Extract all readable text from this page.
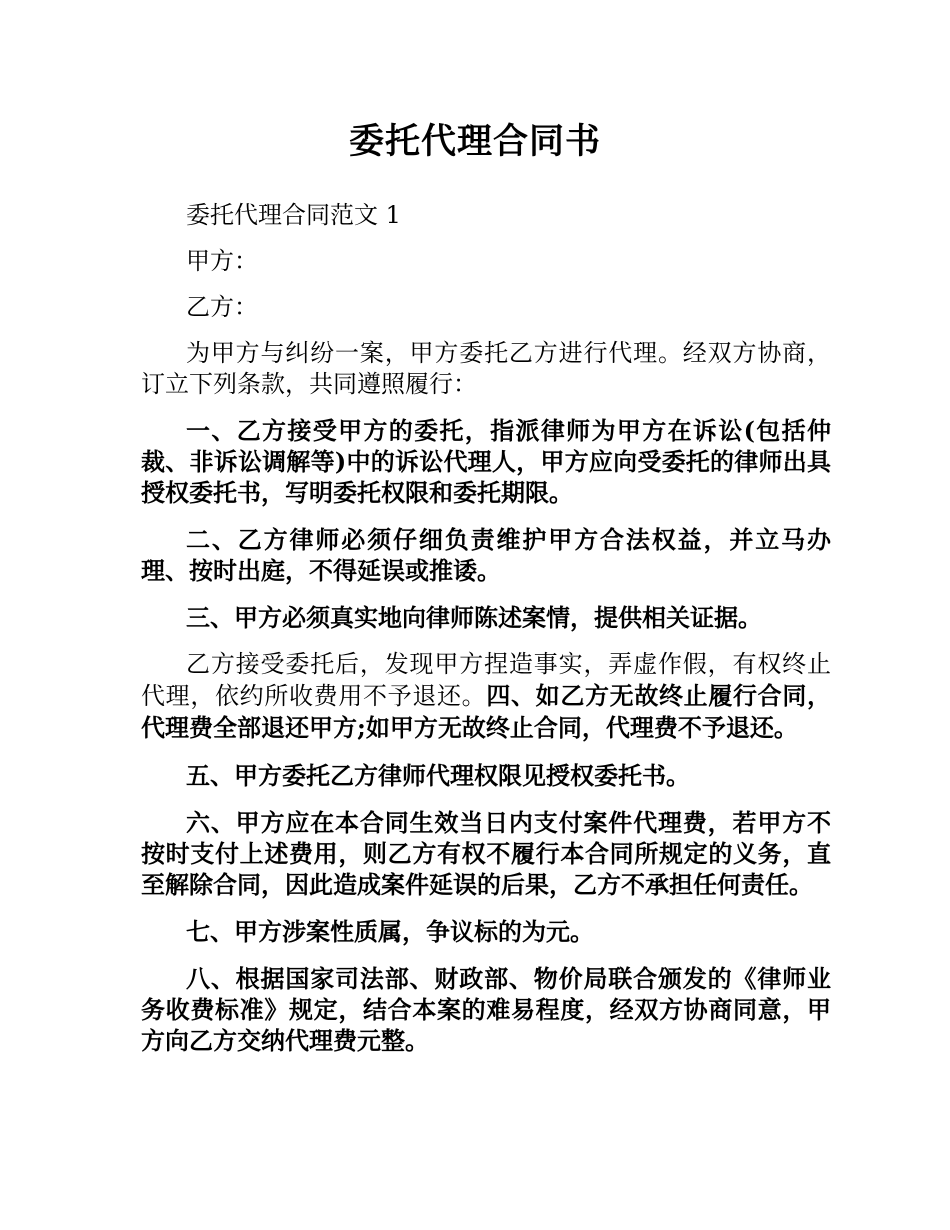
委托代理合同书

委托代理合同范文 1

甲方：

乙方：

为甲方与纠纷一案，甲方委托乙方进行代理。经双方协商，订立下列条款，共同遵照履行：

一、乙方接受甲方的委托，指派律师为甲方在诉讼(包括仲裁、非诉讼调解等)中的诉讼代理人，甲方应向受委托的律师出具授权委托书，写明委托权限和委托期限。

二、乙方律师必须仔细负责维护甲方合法权益，并立马办理、按时出庭，不得延误或推诿。

三、甲方必须真实地向律师陈述案情，提供相关证据。

乙方接受委托后，发现甲方捏造事实，弄虚作假，有权终止代理，依约所收费用不予退还。四、如乙方无故终止履行合同，代理费全部退还甲方;如甲方无故终止合同，代理费不予退还。

五、甲方委托乙方律师代理权限见授权委托书。

六、甲方应在本合同生效当日内支付案件代理费，若甲方不按时支付上述费用，则乙方有权不履行本合同所规定的义务，直至解除合同，因此造成案件延误的后果，乙方不承担任何责任。

七、甲方涉案性质属，争议标的为元。

八、根据国家司法部、财政部、物价局联合颁发的《律师业务收费标准》规定，结合本案的难易程度，经双方协商同意，甲方向乙方交纳代理费元整。
